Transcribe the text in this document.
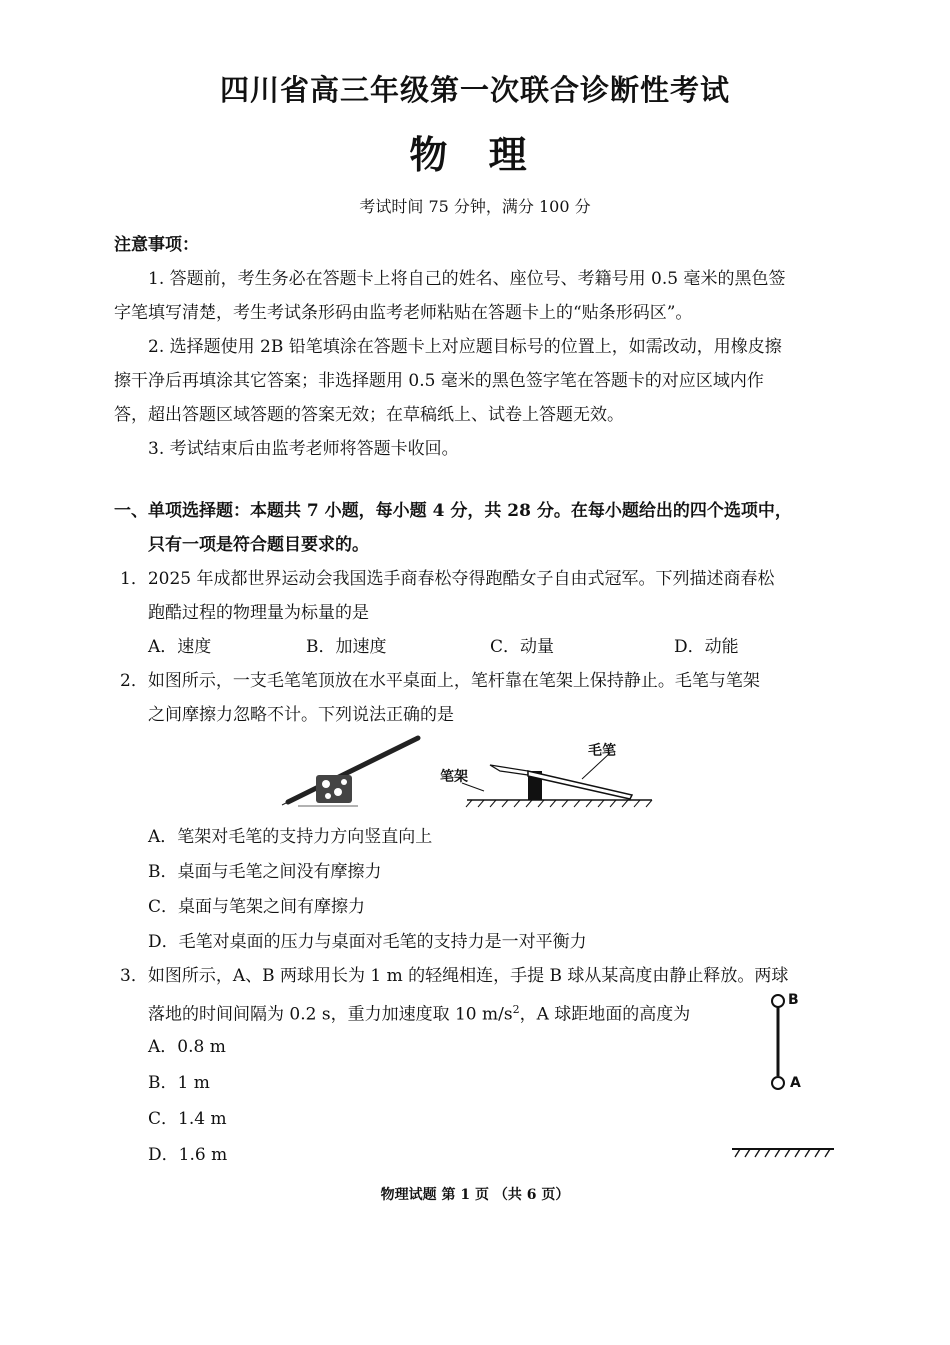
四川省高三年级第一次联合诊断性考试
物 理
考试时间 75 分钟，满分 100 分
注意事项：
1. 答题前，考生务必在答题卡上将自己的姓名、座位号、考籍号用 0.5 毫米的黑色签
字笔填写清楚，考生考试条形码由监考老师粘贴在答题卡上的“贴条形码区”。
2. 选择题使用 2B 铅笔填涂在答题卡上对应题目标号的位置上，如需改动，用橡皮擦
擦干净后再填涂其它答案；非选择题用 0.5 毫米的黑色签字笔在答题卡的对应区域内作
答，超出答题区域答题的答案无效；在草稿纸上、试卷上答题无效。
3. 考试结束后由监考老师将答题卡收回。
一、单项选择题：本题共 7 小题，每小题 4 分，共 28 分。在每小题给出的四个选项中，
只有一项是符合题目要求的。
1．2025 年成都世界运动会我国选手商春松夺得跑酷女子自由式冠军。下列描述商春松
跑酷过程的物理量为标量的是
A．速度	B．加速度	C．动量	D．动能
2．如图所示，一支毛笔笔顶放在水平桌面上，笔杆靠在笔架上保持静止。毛笔与笔架
之间摩擦力忽略不计。下列说法正确的是
毛笔
笔架
A．笔架对毛笔的支持力方向竖直向上
B．桌面与毛笔之间没有摩擦力
C．桌面与笔架之间有摩擦力
D．毛笔对桌面的压力与桌面对毛笔的支持力是一对平衡力
3．如图所示，A、B 两球用长为 1 m 的轻绳相连，手提 B 球从某高度由静止释放。两球
落地的时间间隔为 0.2 s，重力加速度取 10 $m/s^2$，A 球距地面的高度为
B
A
A．0.8 m
B．1 m
C．1.4 m
D．1.6 m
物理试题 第 1 页 （共 6 页）
